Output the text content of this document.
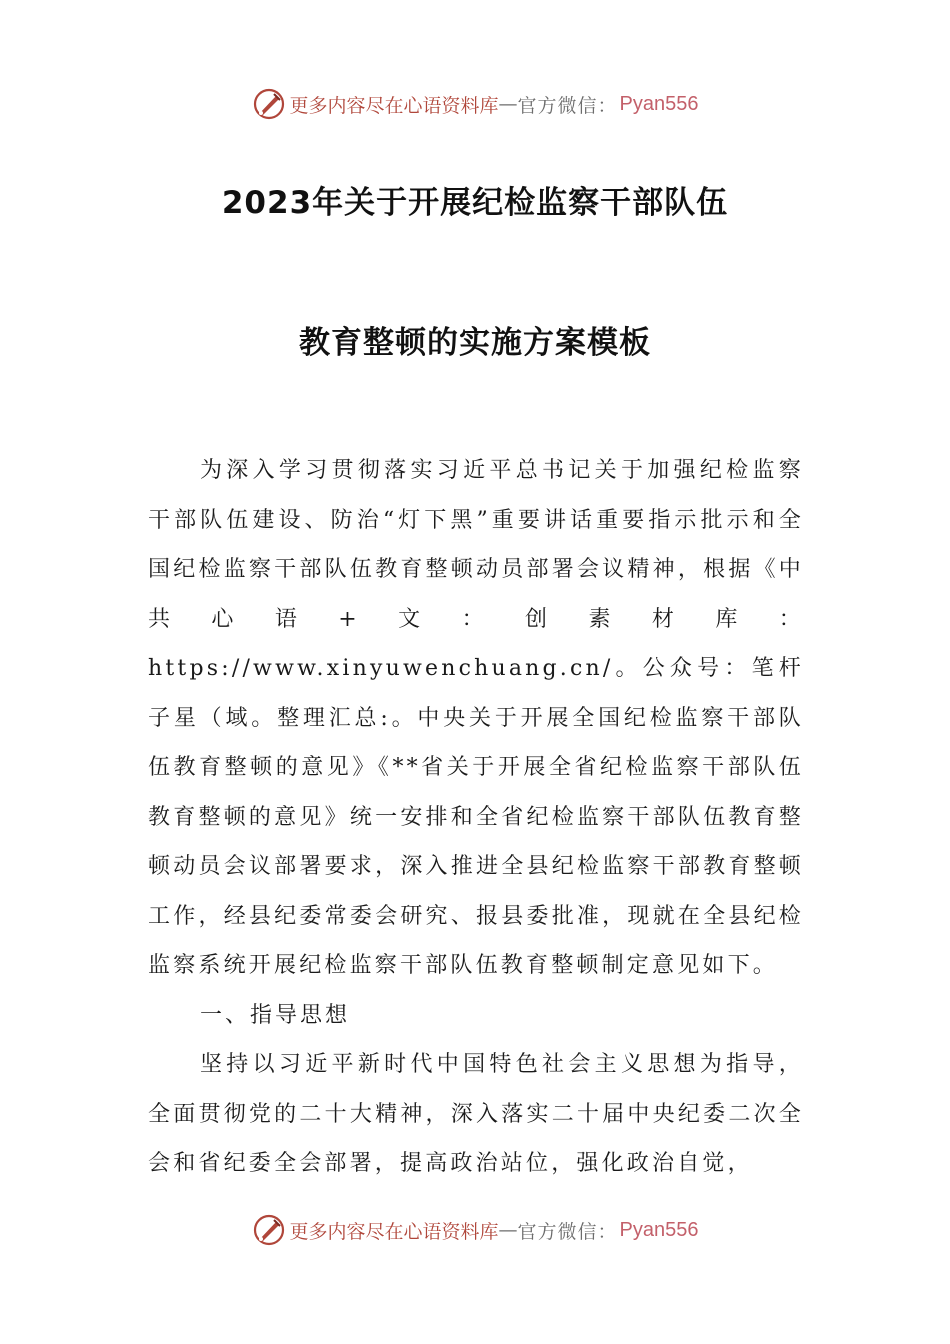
更多内容尽在心语资料库 — 官方微信： Pyan556
2023年关于开展纪检监察干部队伍
教育整顿的实施方案模板

为深入学习贯彻落实习近平总书记关于加强纪检监察干部队伍建设、防治“灯下黑”重要讲话重要指示批示和全国纪检监察干部队伍教育整顿动员部署会议精神，根据《中共心语+文：创素材库：https://www.xinyuwenchuang.cn/。公众号：笔杆子星（域。整理汇总:。中央关于开展全国纪检监察干部队伍教育整顿的意见》《**省关于开展全省纪检监察干部队伍教育整顿的意见》统一安排和全省纪检监察干部队伍教育整顿动员会议部署要求，深入推进全县纪检监察干部教育整顿工作，经县纪委常委会研究、报县委批准，现就在全县纪检监察系统开展纪检监察干部队伍教育整顿制定意见如下。

一、指导思想

坚持以习近平新时代中国特色社会主义思想为指导，全面贯彻党的二十大精神，深入落实二十届中央纪委二次全会和省纪委全会部署，提高政治站位，强化政治自觉，

更多内容尽在心语资料库 — 官方微信： Pyan556
